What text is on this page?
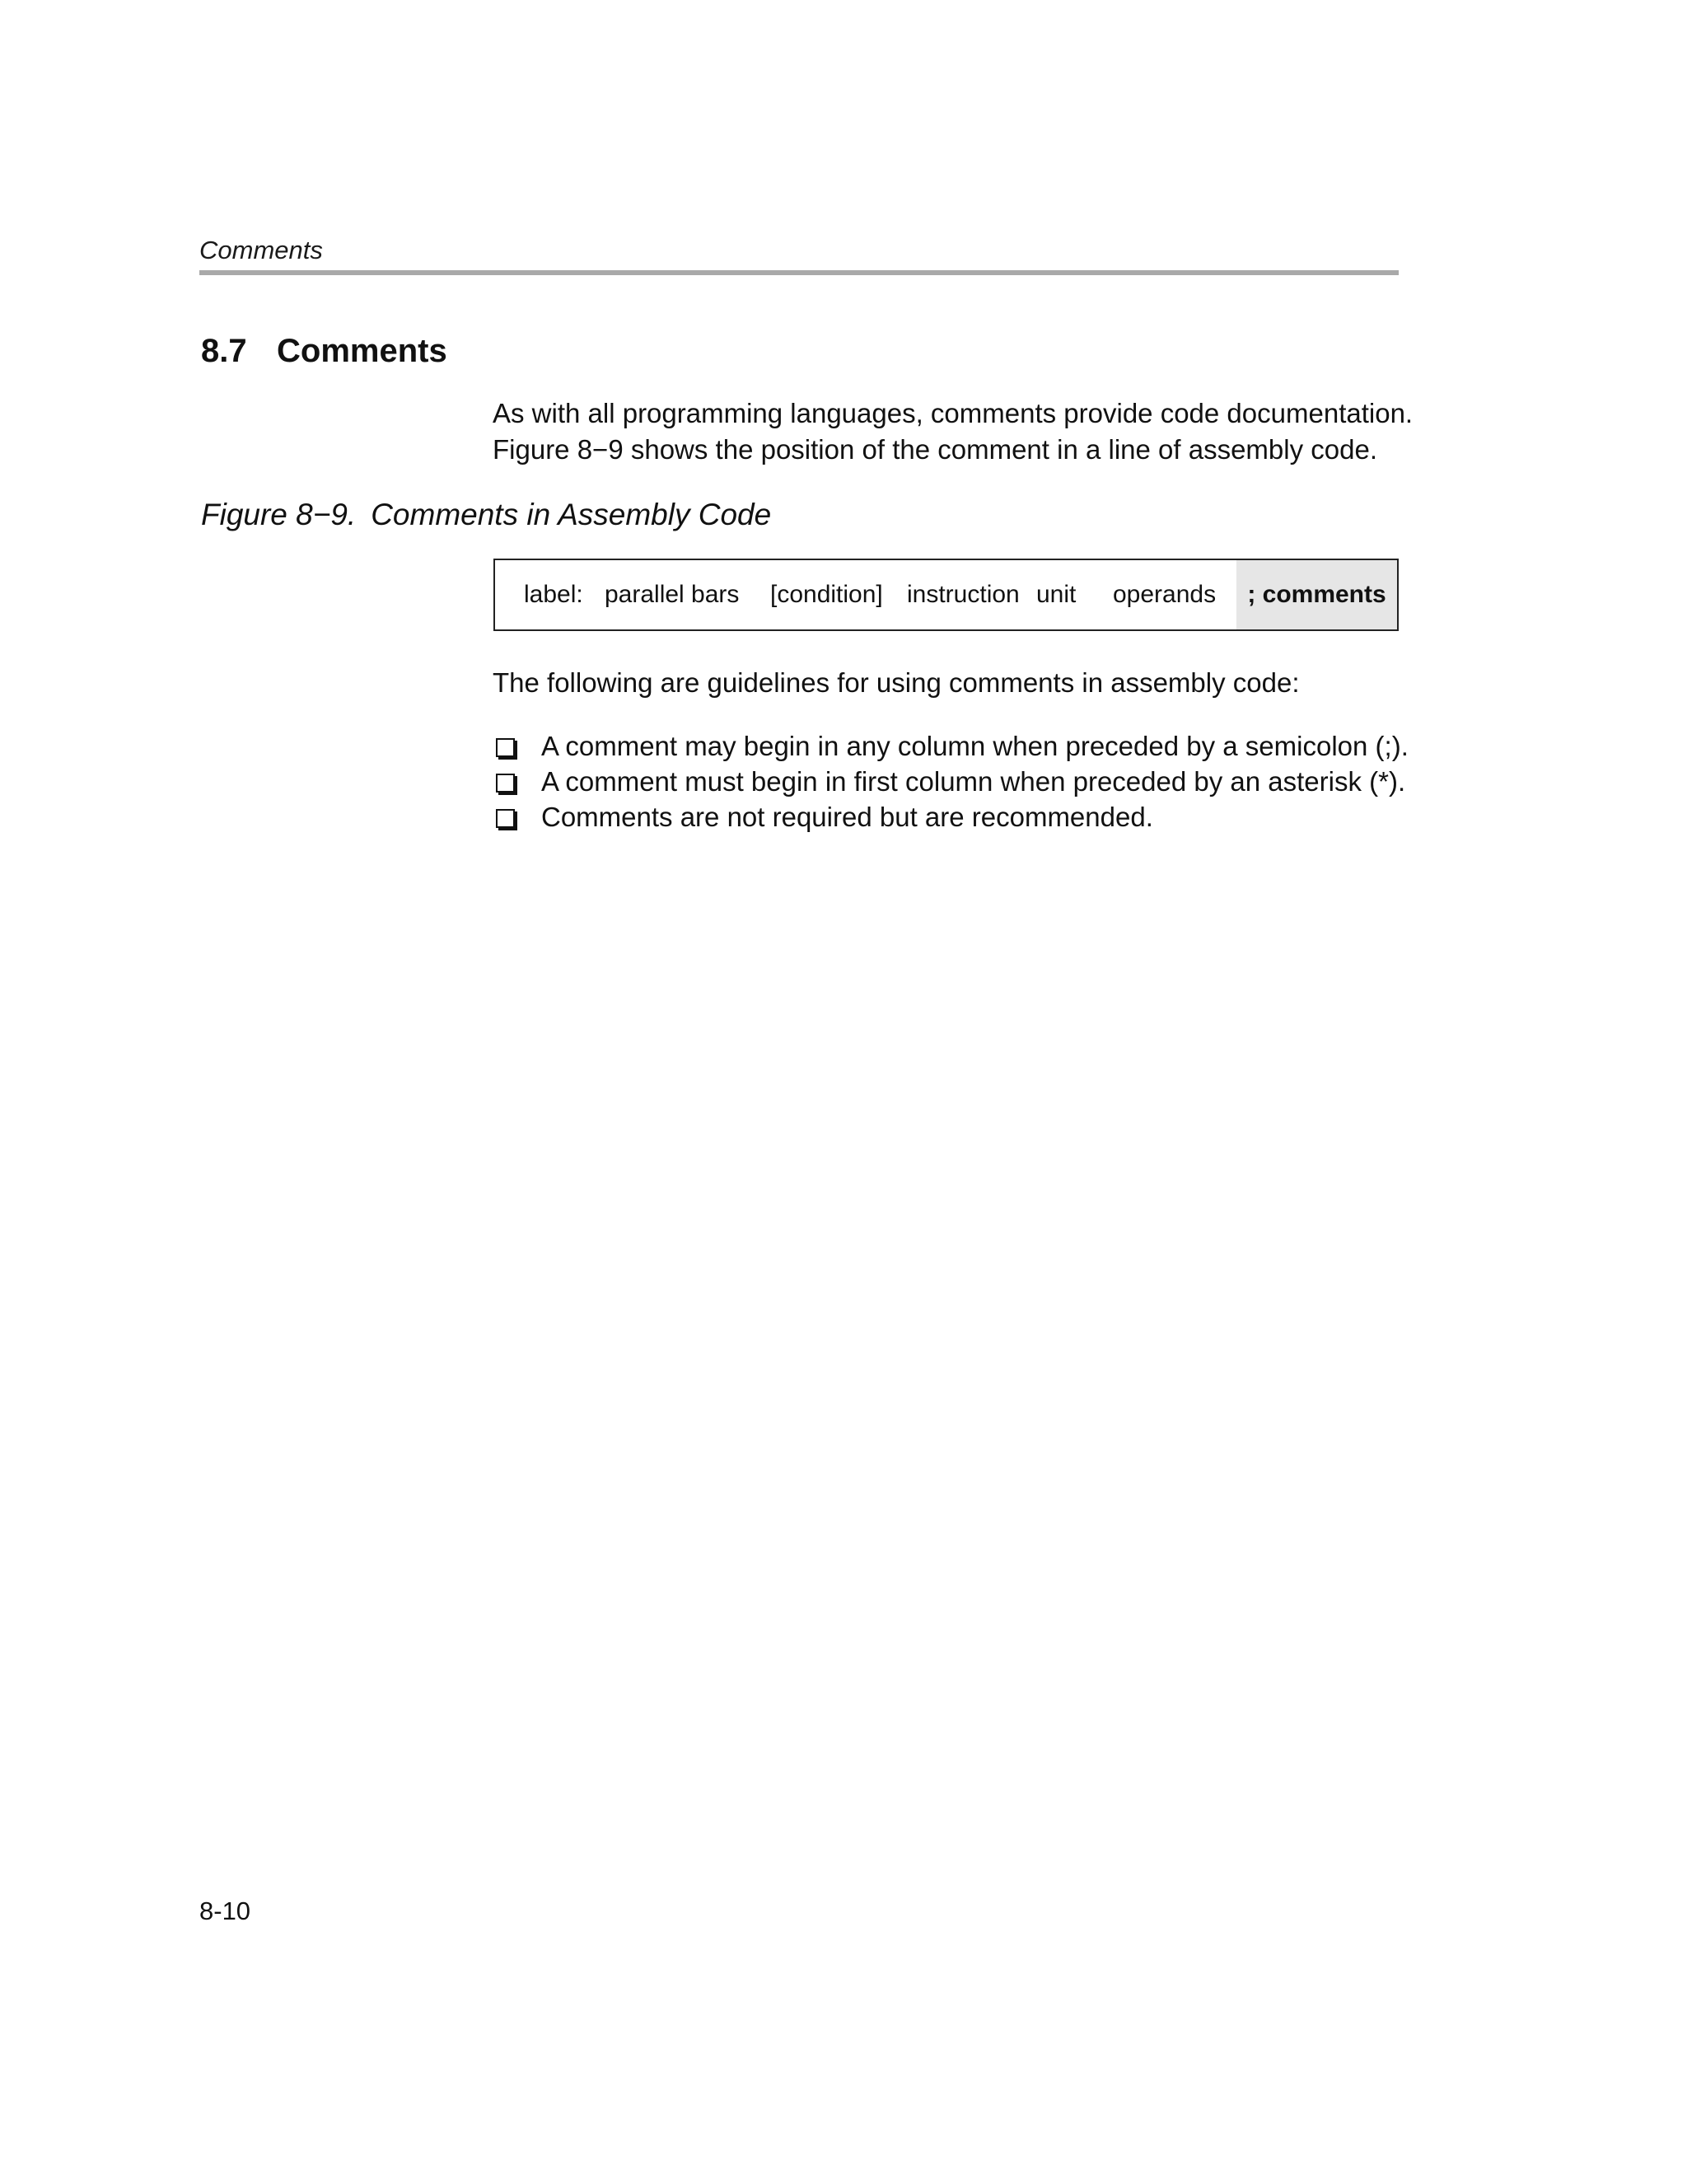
Comments
8.7 Comments

As with all programming languages, comments provide code documentation.
Figure 8−9 shows the position of the comment in a line of assembly code.

Figure 8−9. Comments in Assembly Code
label: parallel bars [condition] instruction unit operands	; comments
The following are guidelines for using comments in assembly code:
A comment may begin in any column when preceded by a semicolon (;).
A comment must begin in first column when preceded by an asterisk (*).
Comments are not required but are recommended.
8-10
